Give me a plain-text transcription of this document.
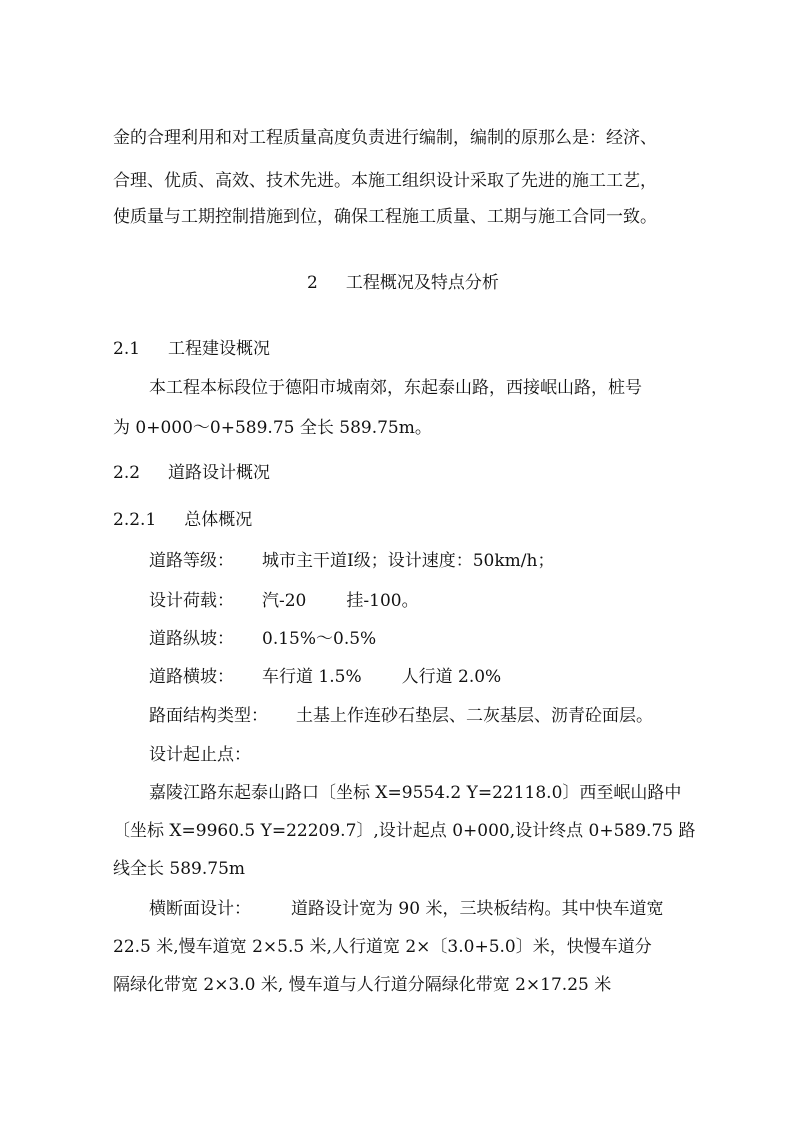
金的合理利用和对工程质量高度负责进行编制，编制的原那么是：经济、

合理、优质、高效、技术先进。本施工组织设计采取了先进的施工工艺，

使质量与工期控制措施到位，确保工程施工质量、工期与施工合同一致。

2 工程概况及特点分析
2.1 工程建设概况

本工程本标段位于德阳市城南郊，东起泰山路，西接岷山路，桩号

为 0+000～0+589.75 全长 589.75m。

2.2 道路设计概况
2.2.1 总体概况
道路等级： 城市主干道Ⅰ级；设计速度：50km/h；
设计荷载： 汽-20 挂-100。
道路纵坡： 0.15%～0.5%
道路横坡： 车行道 1.5% 人行道 2.0%
路面结构类型： 土基上作连砂石垫层、二灰基层、沥青砼面层。

设计起止点：

嘉陵江路东起泰山路口〔坐标 X=9554.2 Y=22118.0〕西至岷山路中

〔坐标 X=9960.5 Y=22209.7〕,设计起点 0+000,设计终点 0+589.75 路

线全长 589.75m

横断面设计： 道路设计宽为 90 米，三块板结构。其中快车道宽

22.5 米,慢车道宽 2×5.5 米,人行道宽 2×〔3.0+5.0〕米，快慢车道分

隔绿化带宽 2×3.0 米, 慢车道与人行道分隔绿化带宽 2×17.25 米
